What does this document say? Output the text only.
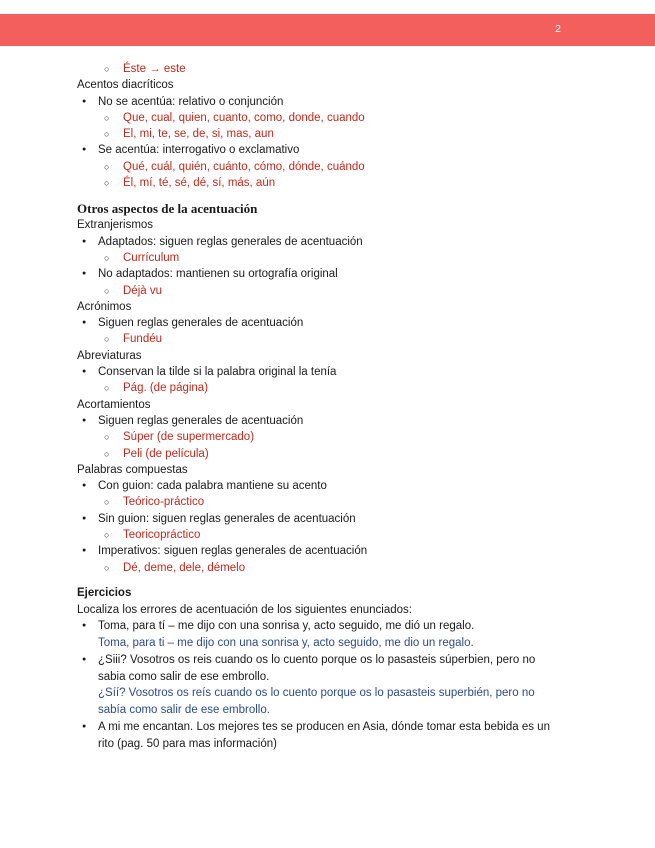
2
○ Éste → este
Acentos diacríticos
● No se acentúa: relativo o conjunción
○ Que, cual, quien, cuanto, como, donde, cuando
○ El, mi, te, se, de, si, mas, aun
● Se acentúa: interrogativo o exclamativo
○ Qué, cuál, quién, cuánto, cómo, dónde, cuándo
○ Él, mí, té, sé, dé, sí, más, aún
Otros aspectos de la acentuación
Extranjerismos
● Adaptados: siguen reglas generales de acentuación
○ Currículum
● No adaptados: mantienen su ortografía original
○ Déjà vu
Acrónimos
● Siguen reglas generales de acentuación
○ Fundéu
Abreviaturas
● Conservan la tilde si la palabra original la tenía
○ Pág. (de página)
Acortamientos
● Siguen reglas generales de acentuación
○ Súper (de supermercado)
○ Peli (de película)
Palabras compuestas
● Con guion: cada palabra mantiene su acento
○ Teórico-práctico
● Sin guion: siguen reglas generales de acentuación
○ Teoricopráctico
● Imperativos: siguen reglas generales de acentuación
○ Dé, deme, dele, démelo
Ejercicios
Localiza los errores de acentuación de los siguientes enunciados:
● Toma, para tí – me dijo con una sonrisa y, acto seguido, me dió un regalo.
Toma, para ti – me dijo con una sonrisa y, acto seguido, me dio un regalo.
● ¿Siii? Vosotros os reis cuando os lo cuento porque os lo pasasteis súperbien, pero no
sabia como salir de ese embrollo.
¿Síí? Vosotros os reís cuando os lo cuento porque os lo pasasteis superbién, pero no
sabía como salir de ese embrollo.
● A mi me encantan. Los mejores tes se producen en Asia, dónde tomar esta bebida es un
rito (pag. 50 para mas información)
